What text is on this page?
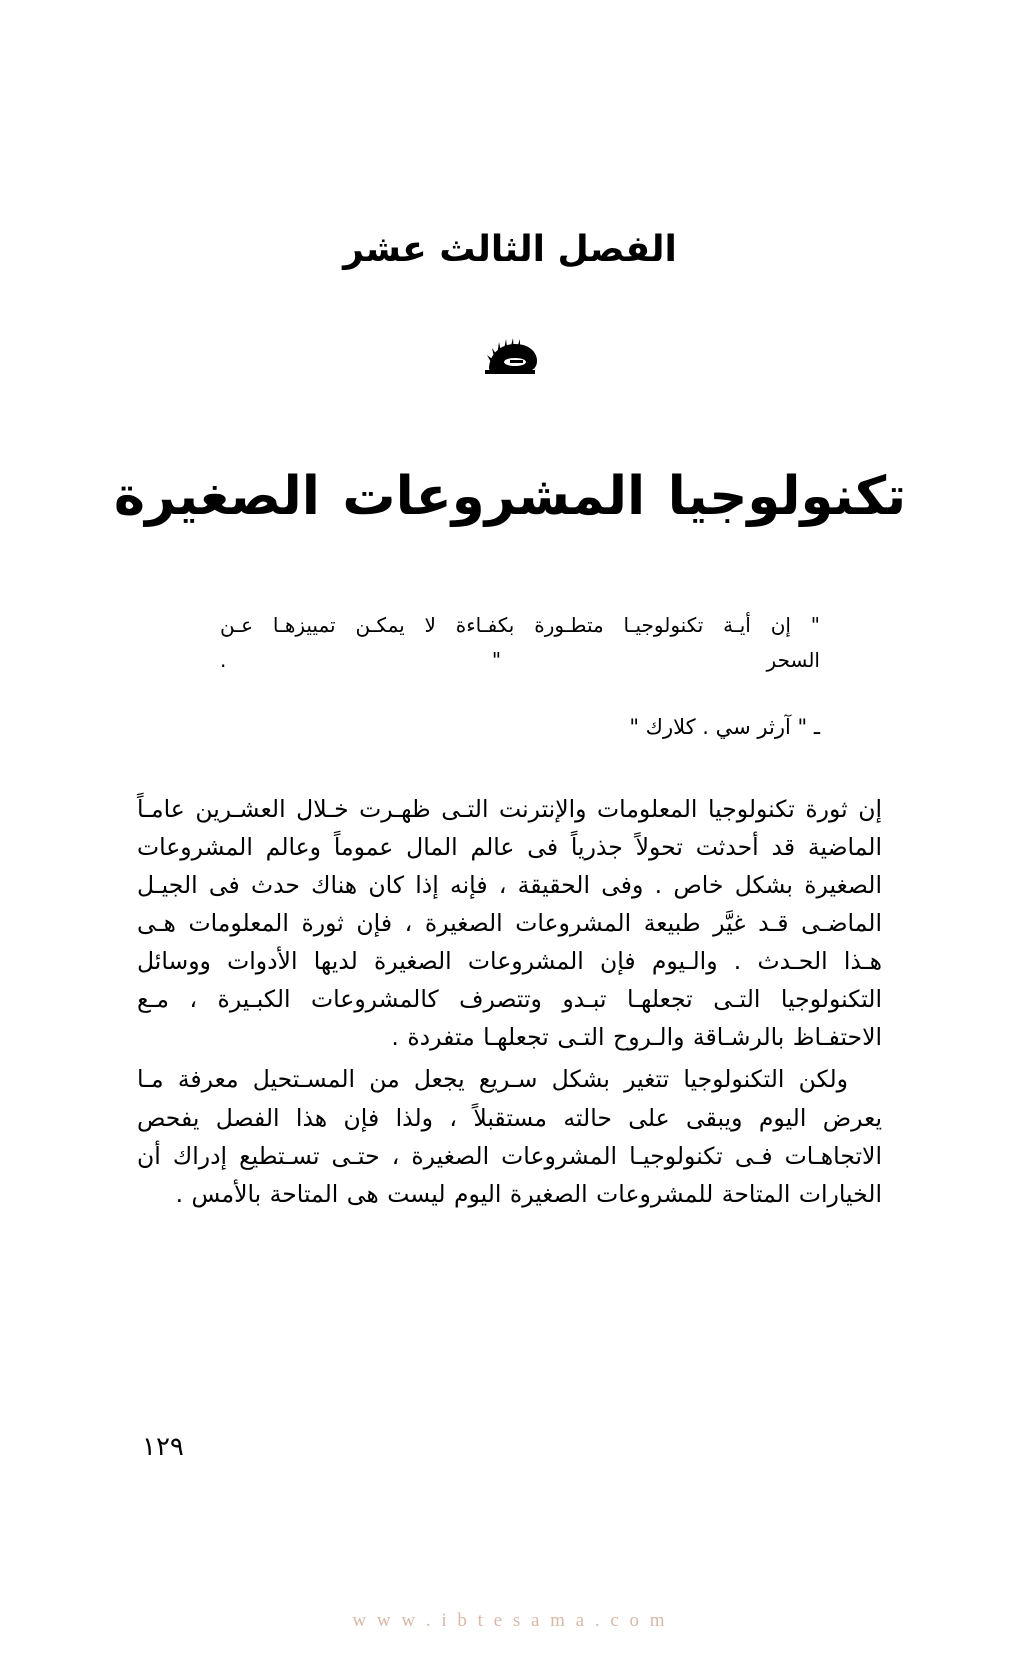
الفصل الثالث عشر
تكنولوجيا المشروعات الصغيرة
" إن أيـة تكنولوجيـا متطـورة بكفـاءة لا يمكـن تمييزهـا عـن
السحر " .
ـ " آرثر سي . كلارك "

إن ثورة تكنولوجيا المعلومات والإنترنت التـى ظهـرت خـلال العشـرين عامـاً الماضية قد أحدثت تحولاً جذرياً فى عالم المال عموماً وعالم المشروعات الصغيرة بشكل خاص . وفى الحقيقة ، فإنه إذا كان هناك حدث فى الجيـل الماضـى قـد غيَّر طبيعة المشروعات الصغيرة ، فإن ثورة المعلومات هـى هـذا الحـدث . والـيوم فإن المشروعات الصغيرة لديها الأدوات ووسائل التكنولوجيا التـى تجعلهـا تبـدو وتتصرف كالمشروعات الكبـيرة ، مـع الاحتفـاظ بالرشـاقة والـروح التـى تجعلهـا متفردة .

ولكن التكنولوجيا تتغير بشكل سـريع يجعل من المسـتحيل معرفة مـا يعرض اليوم ويبقى على حالته مستقبلاً ، ولذا فإن هذا الفصل يفحص الاتجاهـات فـى تكنولوجيـا المشروعات الصغيرة ، حتـى تسـتطيع إدراك أن الخيارات المتاحة للمشروعات الصغيرة اليوم ليست هى المتاحة بالأمس .

١٢٩
w w w . i b t e s a m a . c o m
